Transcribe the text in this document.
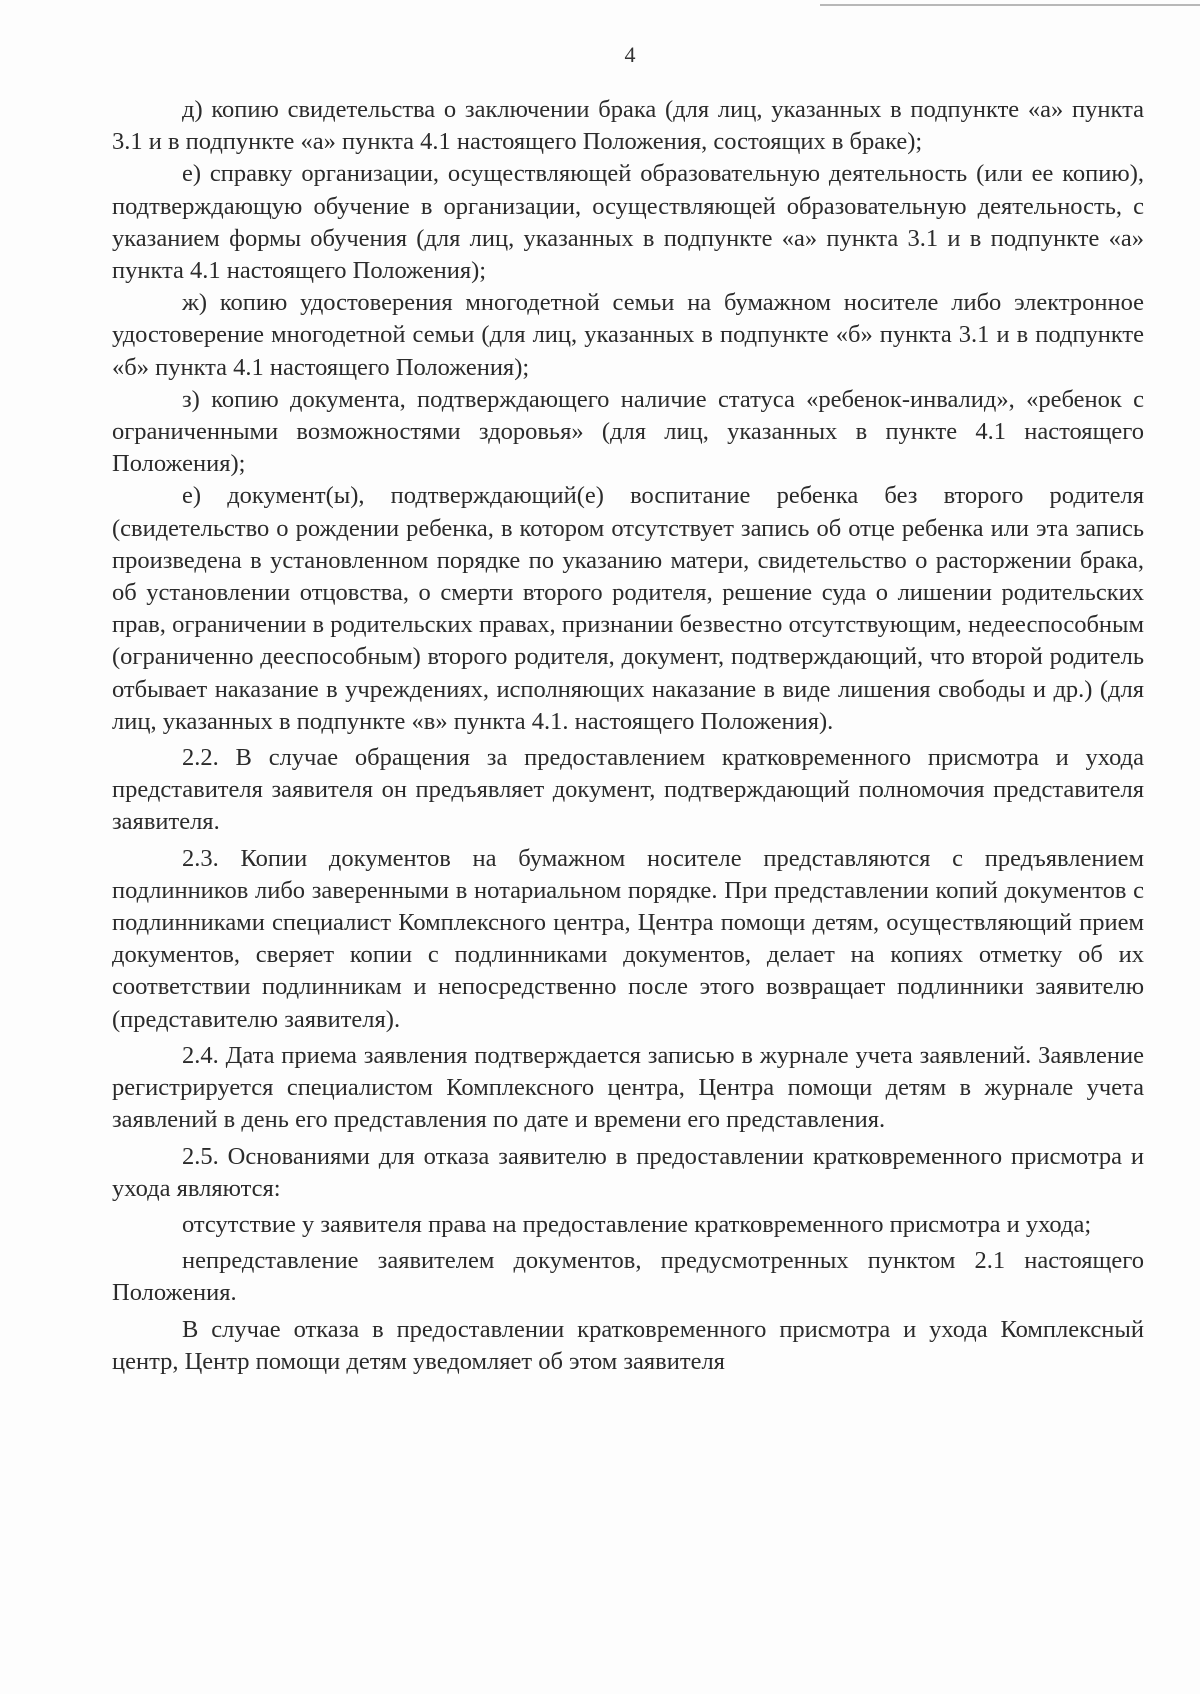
4

д) копию свидетельства о заключении брака (для лиц, указанных в подпункте «а» пункта 3.1 и в подпункте «а» пункта 4.1 настоящего Положения, состоящих в браке);

е) справку организации, осуществляющей образовательную деятельность (или ее копию), подтверждающую обучение в организации, осуществляющей образовательную деятельность, с указанием формы обучения (для лиц, указанных в подпункте «а» пункта 3.1 и в подпункте «а» пункта 4.1 настоящего Положения);

ж) копию удостоверения многодетной семьи на бумажном носителе либо электронное удостоверение многодетной семьи (для лиц, указанных в подпункте «б» пункта 3.1 и в подпункте «б» пункта 4.1 настоящего Положения);

з) копию документа, подтверждающего наличие статуса «ребенок-инвалид», «ребенок с ограниченными возможностями здоровья» (для лиц, указанных в пункте 4.1 настоящего Положения);

е) документ(ы), подтверждающий(е) воспитание ребенка без второго родителя (свидетельство о рождении ребенка, в котором отсутствует запись об отце ребенка или эта запись произведена в установленном порядке по указанию матери, свидетельство о расторжении брака, об установлении отцовства, о смерти второго родителя, решение суда о лишении родительских прав, ограничении в родительских правах, признании безвестно отсутствующим, недееспособным (ограниченно дееспособным) второго родителя, документ, подтверждающий, что второй родитель отбывает наказание в учреждениях, исполняющих наказание в виде лишения свободы и др.) (для лиц, указанных в подпункте «в» пункта 4.1. настоящего Положения).

2.2. В случае обращения за предоставлением кратковременного присмотра и ухода представителя заявителя он предъявляет документ, подтверждающий полномочия представителя заявителя.

2.3. Копии документов на бумажном носителе представляются с предъявлением подлинников либо заверенными в нотариальном порядке. При представлении копий документов с подлинниками специалист Комплексного центра, Центра помощи детям, осуществляющий прием документов, сверяет копии с подлинниками документов, делает на копиях отметку об их соответствии подлинникам и непосредственно после этого возвращает подлинники заявителю (представителю заявителя).

2.4. Дата приема заявления подтверждается записью в журнале учета заявлений. Заявление регистрируется специалистом Комплексного центра, Центра помощи детям в журнале учета заявлений в день его представления по дате и времени его представления.

2.5. Основаниями для отказа заявителю в предоставлении кратковременного присмотра и ухода являются:

отсутствие у заявителя права на предоставление кратковременного присмотра и ухода;

непредставление заявителем документов, предусмотренных пунктом 2.1 настоящего Положения.

В случае отказа в предоставлении кратковременного присмотра и ухода Комплексный центр, Центр помощи детям уведомляет об этом заявителя
